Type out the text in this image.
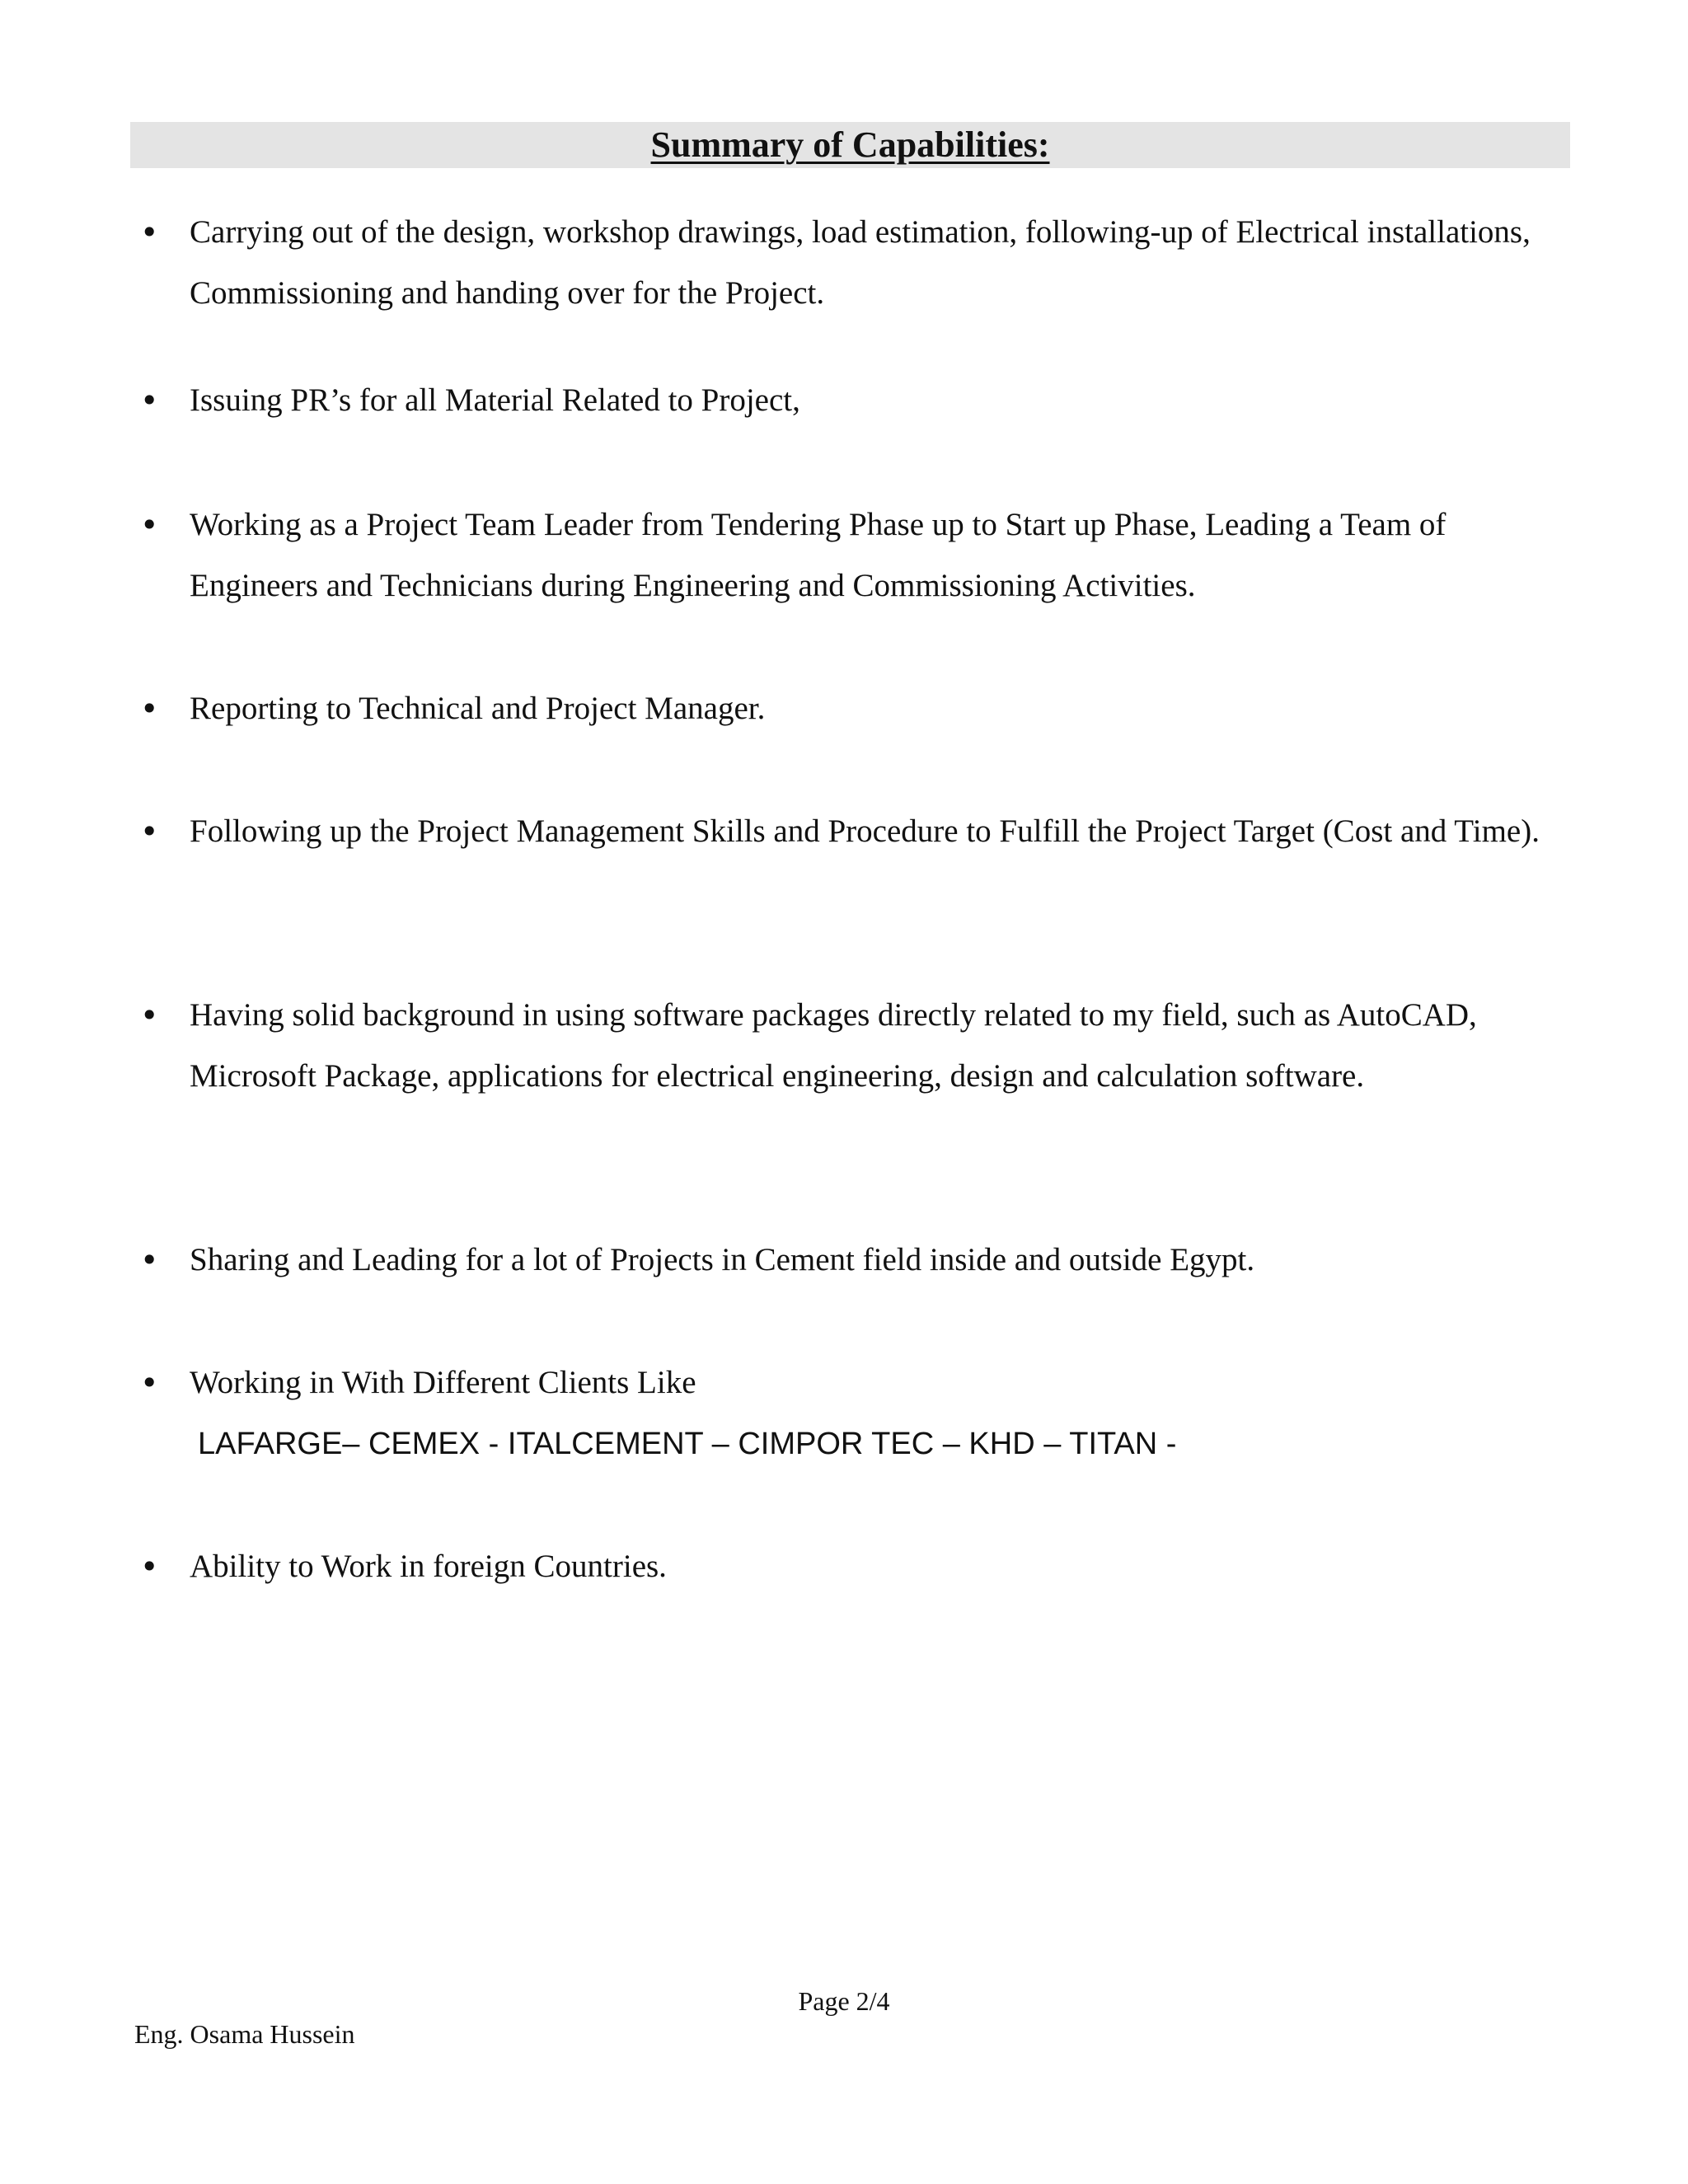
Summary of Capabilities:
• Carrying out of the design, workshop drawings, load estimation, following-up of Electrical installations, Commissioning and handing over for the Project.
• Issuing PR’s for all Material Related to Project,
• Working as a Project Team Leader from Tendering Phase up to Start up Phase, Leading a Team of Engineers and Technicians during Engineering and Commissioning Activities.
• Reporting to Technical and Project Manager.
• Following up the Project Management Skills and Procedure to Fulfill the Project Target (Cost and Time).
• Having solid background in using software packages directly related to my field, such as AutoCAD, Microsoft Package, applications for electrical engineering, design and calculation software.
• Sharing and Leading for a lot of Projects in Cement field inside and outside Egypt.
• Working in With Different Clients Like
LAFARGE– CEMEX - ITALCEMENT – CIMPOR TEC – KHD – TITAN -
• Ability to Work in foreign Countries.
Page 2/4
Eng. Osama Hussein
